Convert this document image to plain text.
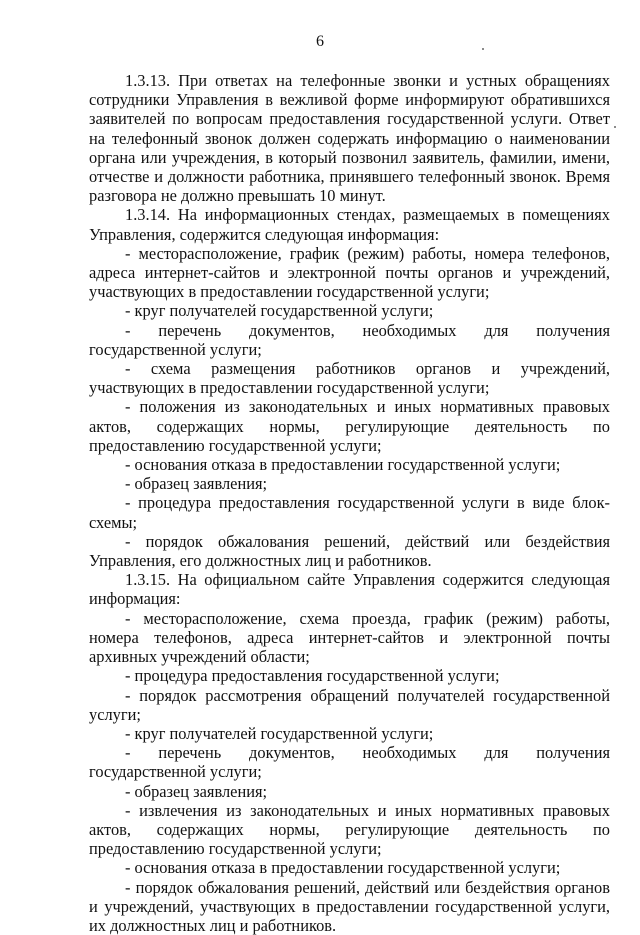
6

1.3.13. При ответах на телефонные звонки и устных обращениях сотрудники Управления в вежливой форме информируют обратившихся заявителей по вопросам предоставления государственной услуги. Ответ на телефонный звонок должен содержать информацию о наименовании органа или учреждения, в который позвонил заявитель, фамилии, имени, отчестве и должности работника, принявшего телефонный звонок. Время разговора не должно превышать 10 минут.

1.3.14. На информационных стендах, размещаемых в помещениях Управления, содержится следующая информация:

- месторасположение, график (режим) работы, номера телефонов, адреса интернет-сайтов и электронной почты органов и учреждений, участвующих в предоставлении государственной услуги;

- круг получателей государственной услуги;

- перечень документов, необходимых для получения государственной услуги;

- схема размещения работников органов и учреждений, участвующих в предоставлении государственной услуги;

- положения из законодательных и иных нормативных правовых актов, содержащих нормы, регулирующие деятельность по предоставлению государственной услуги;

- основания отказа в предоставлении государственной услуги;

- образец заявления;

- процедура предоставления государственной услуги в виде блок-схемы;

- порядок обжалования решений, действий или бездействия Управления, его должностных лиц и работников.

1.3.15. На официальном сайте Управления содержится следующая информация:

- месторасположение, схема проезда, график (режим) работы, номера телефонов, адреса интернет-сайтов и электронной почты архивных учреждений области;

- процедура предоставления государственной услуги;

- порядок рассмотрения обращений получателей государственной услуги;

- круг получателей государственной услуги;

- перечень документов, необходимых для получения государственной услуги;

- образец заявления;

- извлечения из законодательных и иных нормативных правовых актов, содержащих нормы, регулирующие деятельность по предоставлению государственной услуги;

- основания отказа в предоставлении государственной услуги;

- порядок обжалования решений, действий или бездействия органов и учреждений, участвующих в предоставлении государственной услуги, их должностных лиц и работников.
